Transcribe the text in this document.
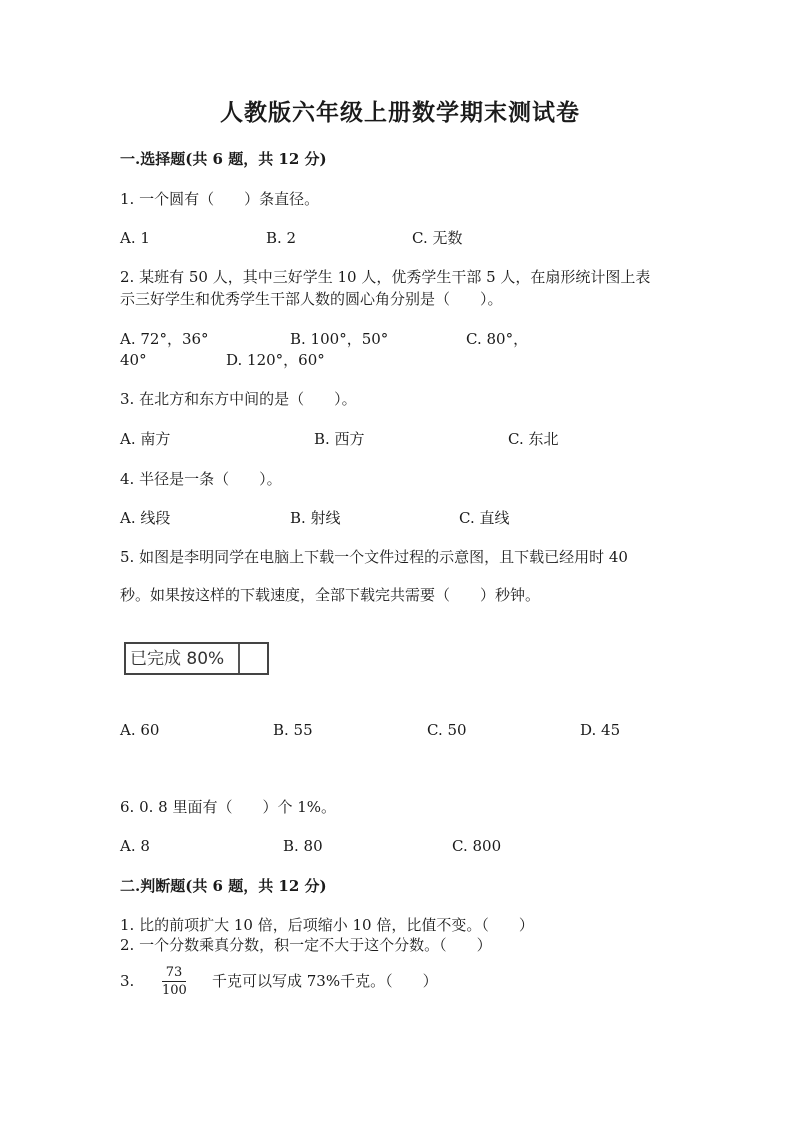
人教版六年级上册数学期末测试卷
一.选择题(共 6 题，共 12 分)
1. 一个圆有（　　）条直径。
A. 1	B. 2	C. 无数
2. 某班有 50 人，其中三好学生 10 人，优秀学生干部 5 人，在扇形统计图上表
示三好学生和优秀学生干部人数的圆心角分别是（　　）。
A. 72°，36°	B. 100°，50°	C. 80°，
40°	D. 120°，60°
3. 在北方和东方中间的是（　　）。
A. 南方	B. 西方	C. 东北
4. 半径是一条（　　）。
A. 线段	B. 射线	C. 直线
5. 如图是李明同学在电脑上下载一个文件过程的示意图，且下载已经用时 40
秒。如果按这样的下载速度，全部下载完共需要（　　）秒钟。
已完成 80%
A. 60	B. 55	C. 50	D. 45
6. 0. 8 里面有（　　）个 1%。
A. 8	B. 80	C. 800
二.判断题(共 6 题，共 12 分)
1. 比的前项扩大 10 倍，后项缩小 10 倍，比值不变。（　　）
2. 一个分数乘真分数，积一定不大于这个分数。（　　）
3. 73
100
千克可以写成 73%千克。（　　）
